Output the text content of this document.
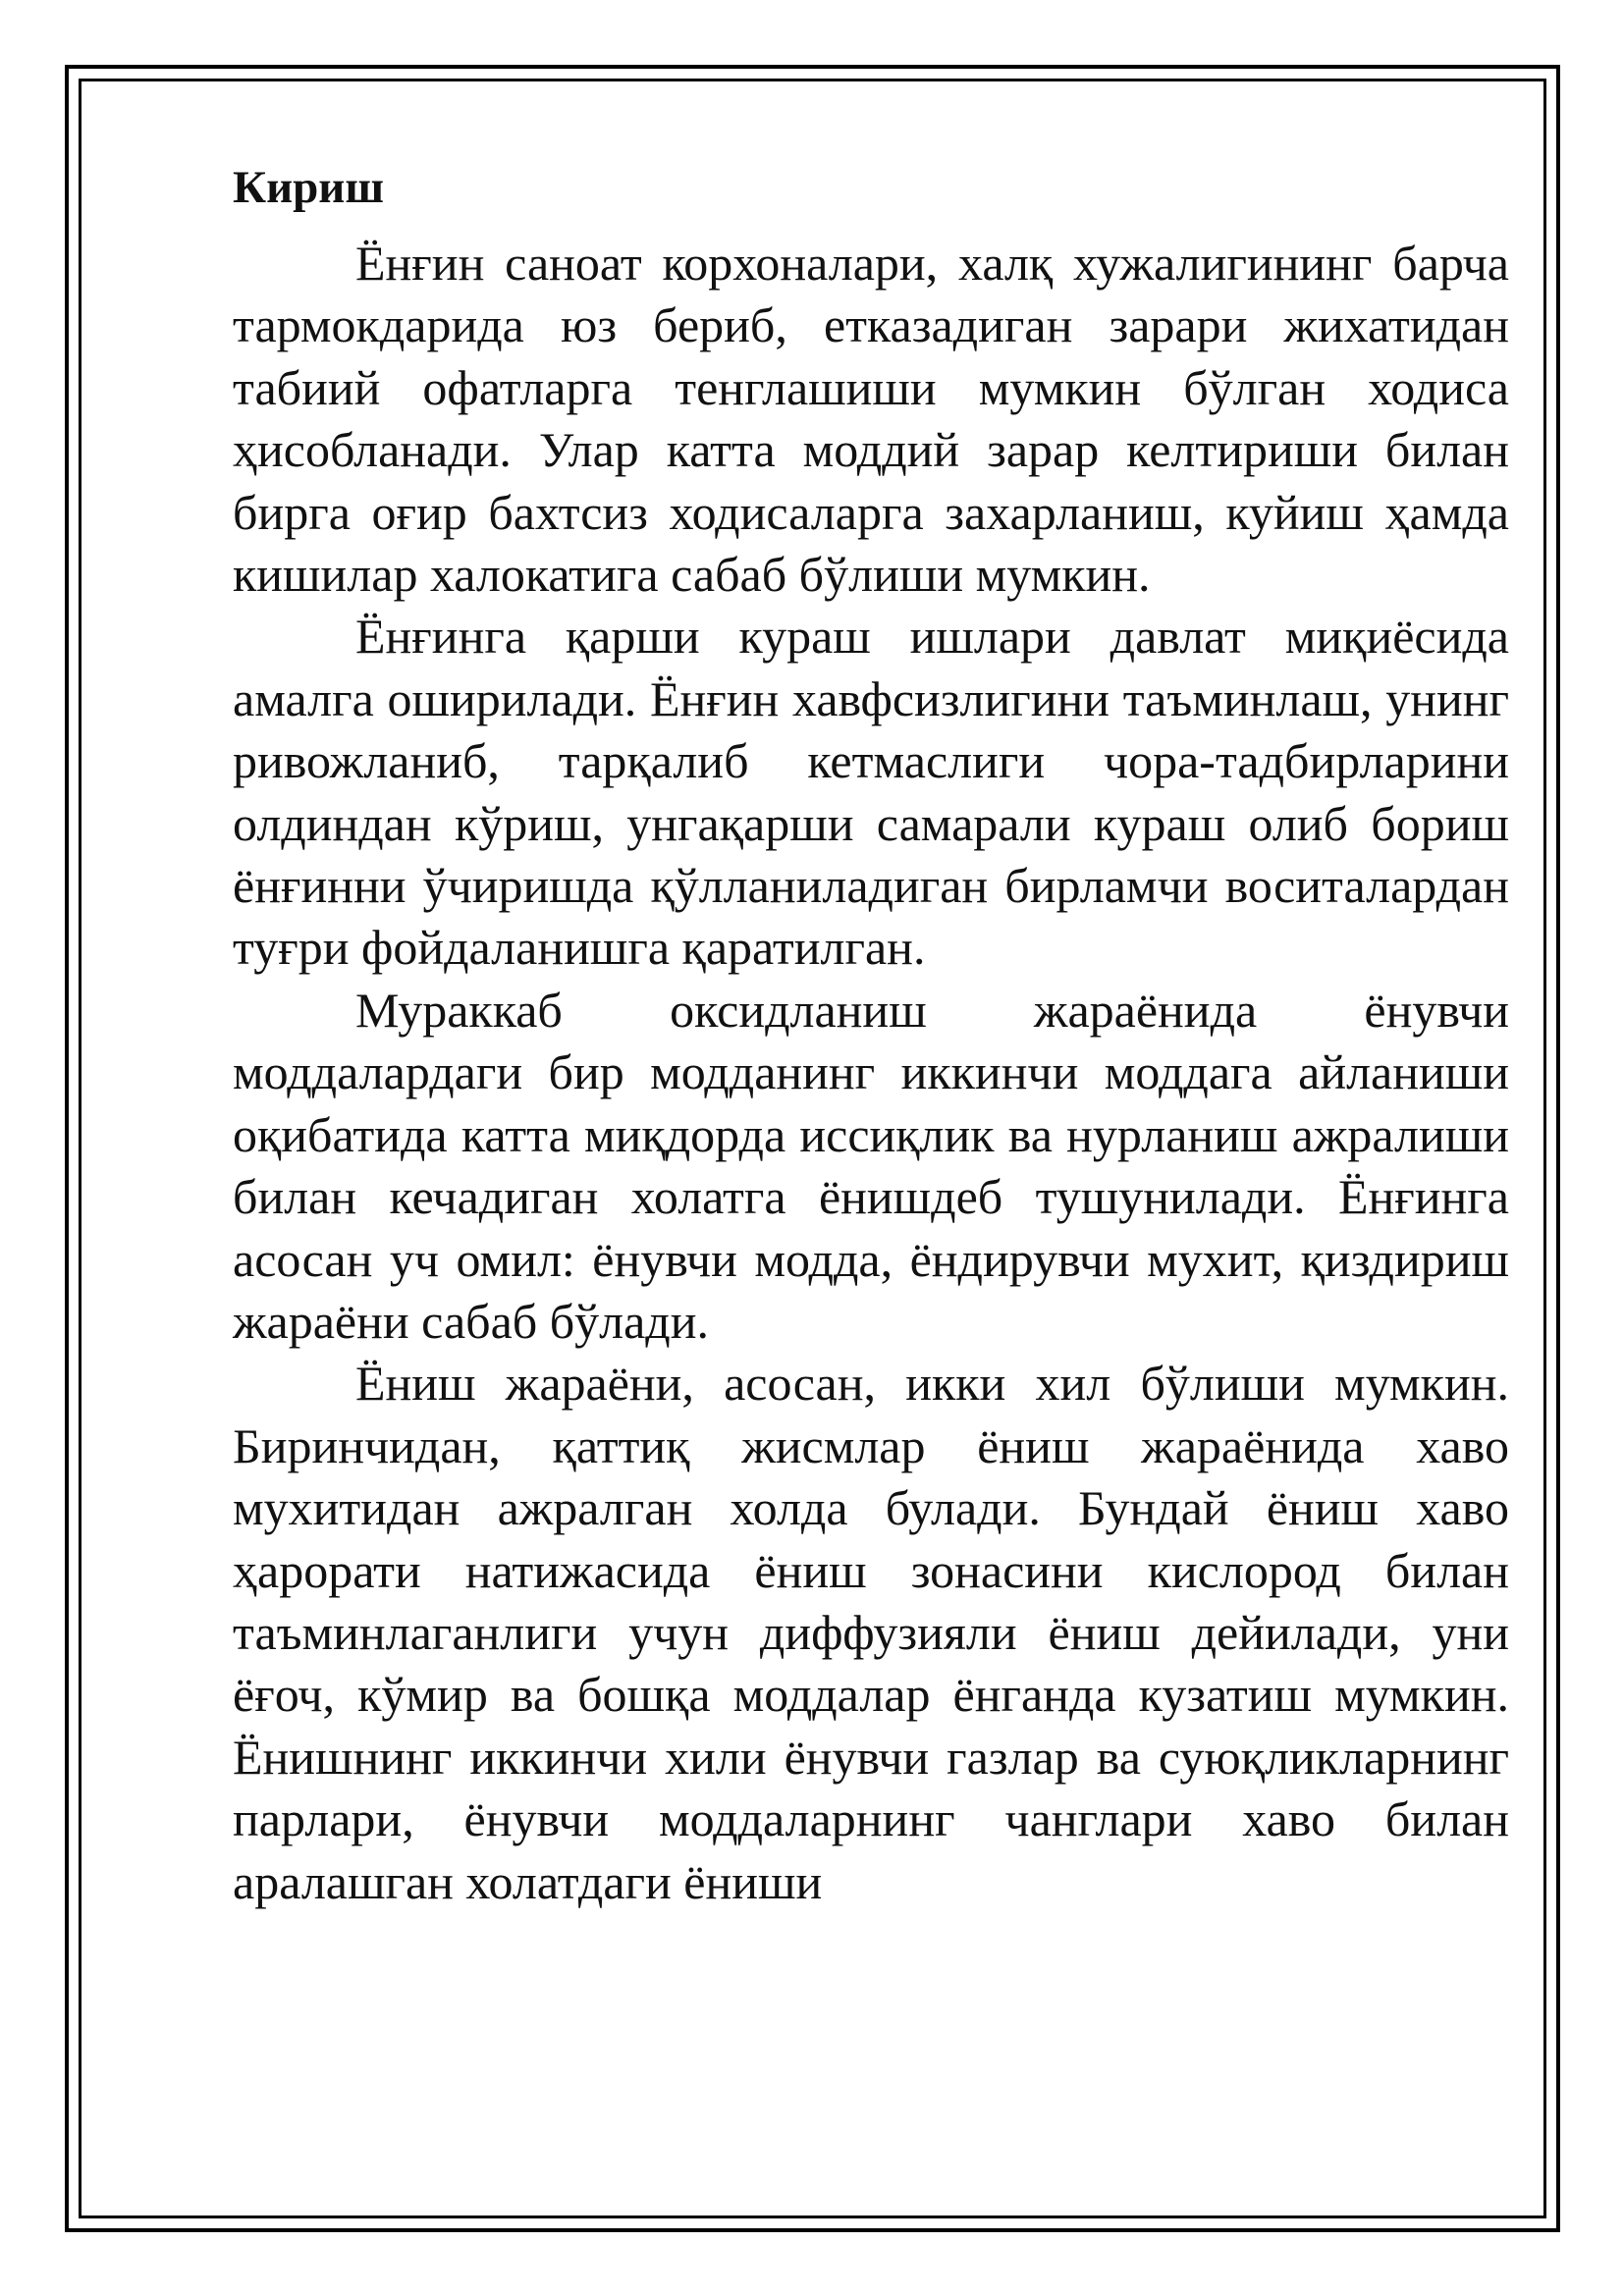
Кириш

Ёнғин саноат корхоналари, халқ хужалигининг барча тармокдарида юз бериб, етказадиган зарари жихатидан табиий офатларга тенглашиши мумкин бўлган ходиса ҳисобланади. Улар катта моддий зарар келтириши билан бирга оғир бахтсиз ходисаларга захарланиш, куйиш ҳамда кишилар халокатига сабаб бўлиши мумкин.

Ёнғинга қарши кураш ишлари давлат миқиёсида амалга оширилади. Ёнғин хавфсизлигини таъминлаш, унинг ривожланиб, тарқалиб кетмаслиги чора-тадбирларини олдиндан кўриш, унгақарши самарали кураш олиб бориш ёнғинни ўчиришда қўлланиладиган бирламчи воситалардан туғри фойдаланишга қаратилган.

Мураккаб оксидланиш жараёнида ёнувчи моддалардаги бир модданинг иккинчи моддага айланиши оқибатида катта миқдорда иссиқлик ва нурланиш ажралиши билан кечадиган холатга ёнишдеб тушунилади. Ёнғинга асосан уч омил: ёнувчи модда, ёндирувчи мухит, қиздириш жараёни сабаб бўлади.

Ёниш жараёни, асосан, икки хил бўлиши мумкин. Биринчидан, қаттиқ жисмлар ёниш жараёнида хаво мухитидан ажралган холда булади. Бундай ёниш хаво ҳарорати натижасида ёниш зонасини кислород билан таъминлаганлиги учун диффузияли ёниш дейилади, уни ёғоч, кўмир ва бошқа моддалар ёнганда кузатиш мумкин. Ёнишнинг иккинчи хили ёнувчи газлар ва суюқликларнинг парлари, ёнувчи моддаларнинг чанглари хаво билан аралашган холатдаги ёниши
